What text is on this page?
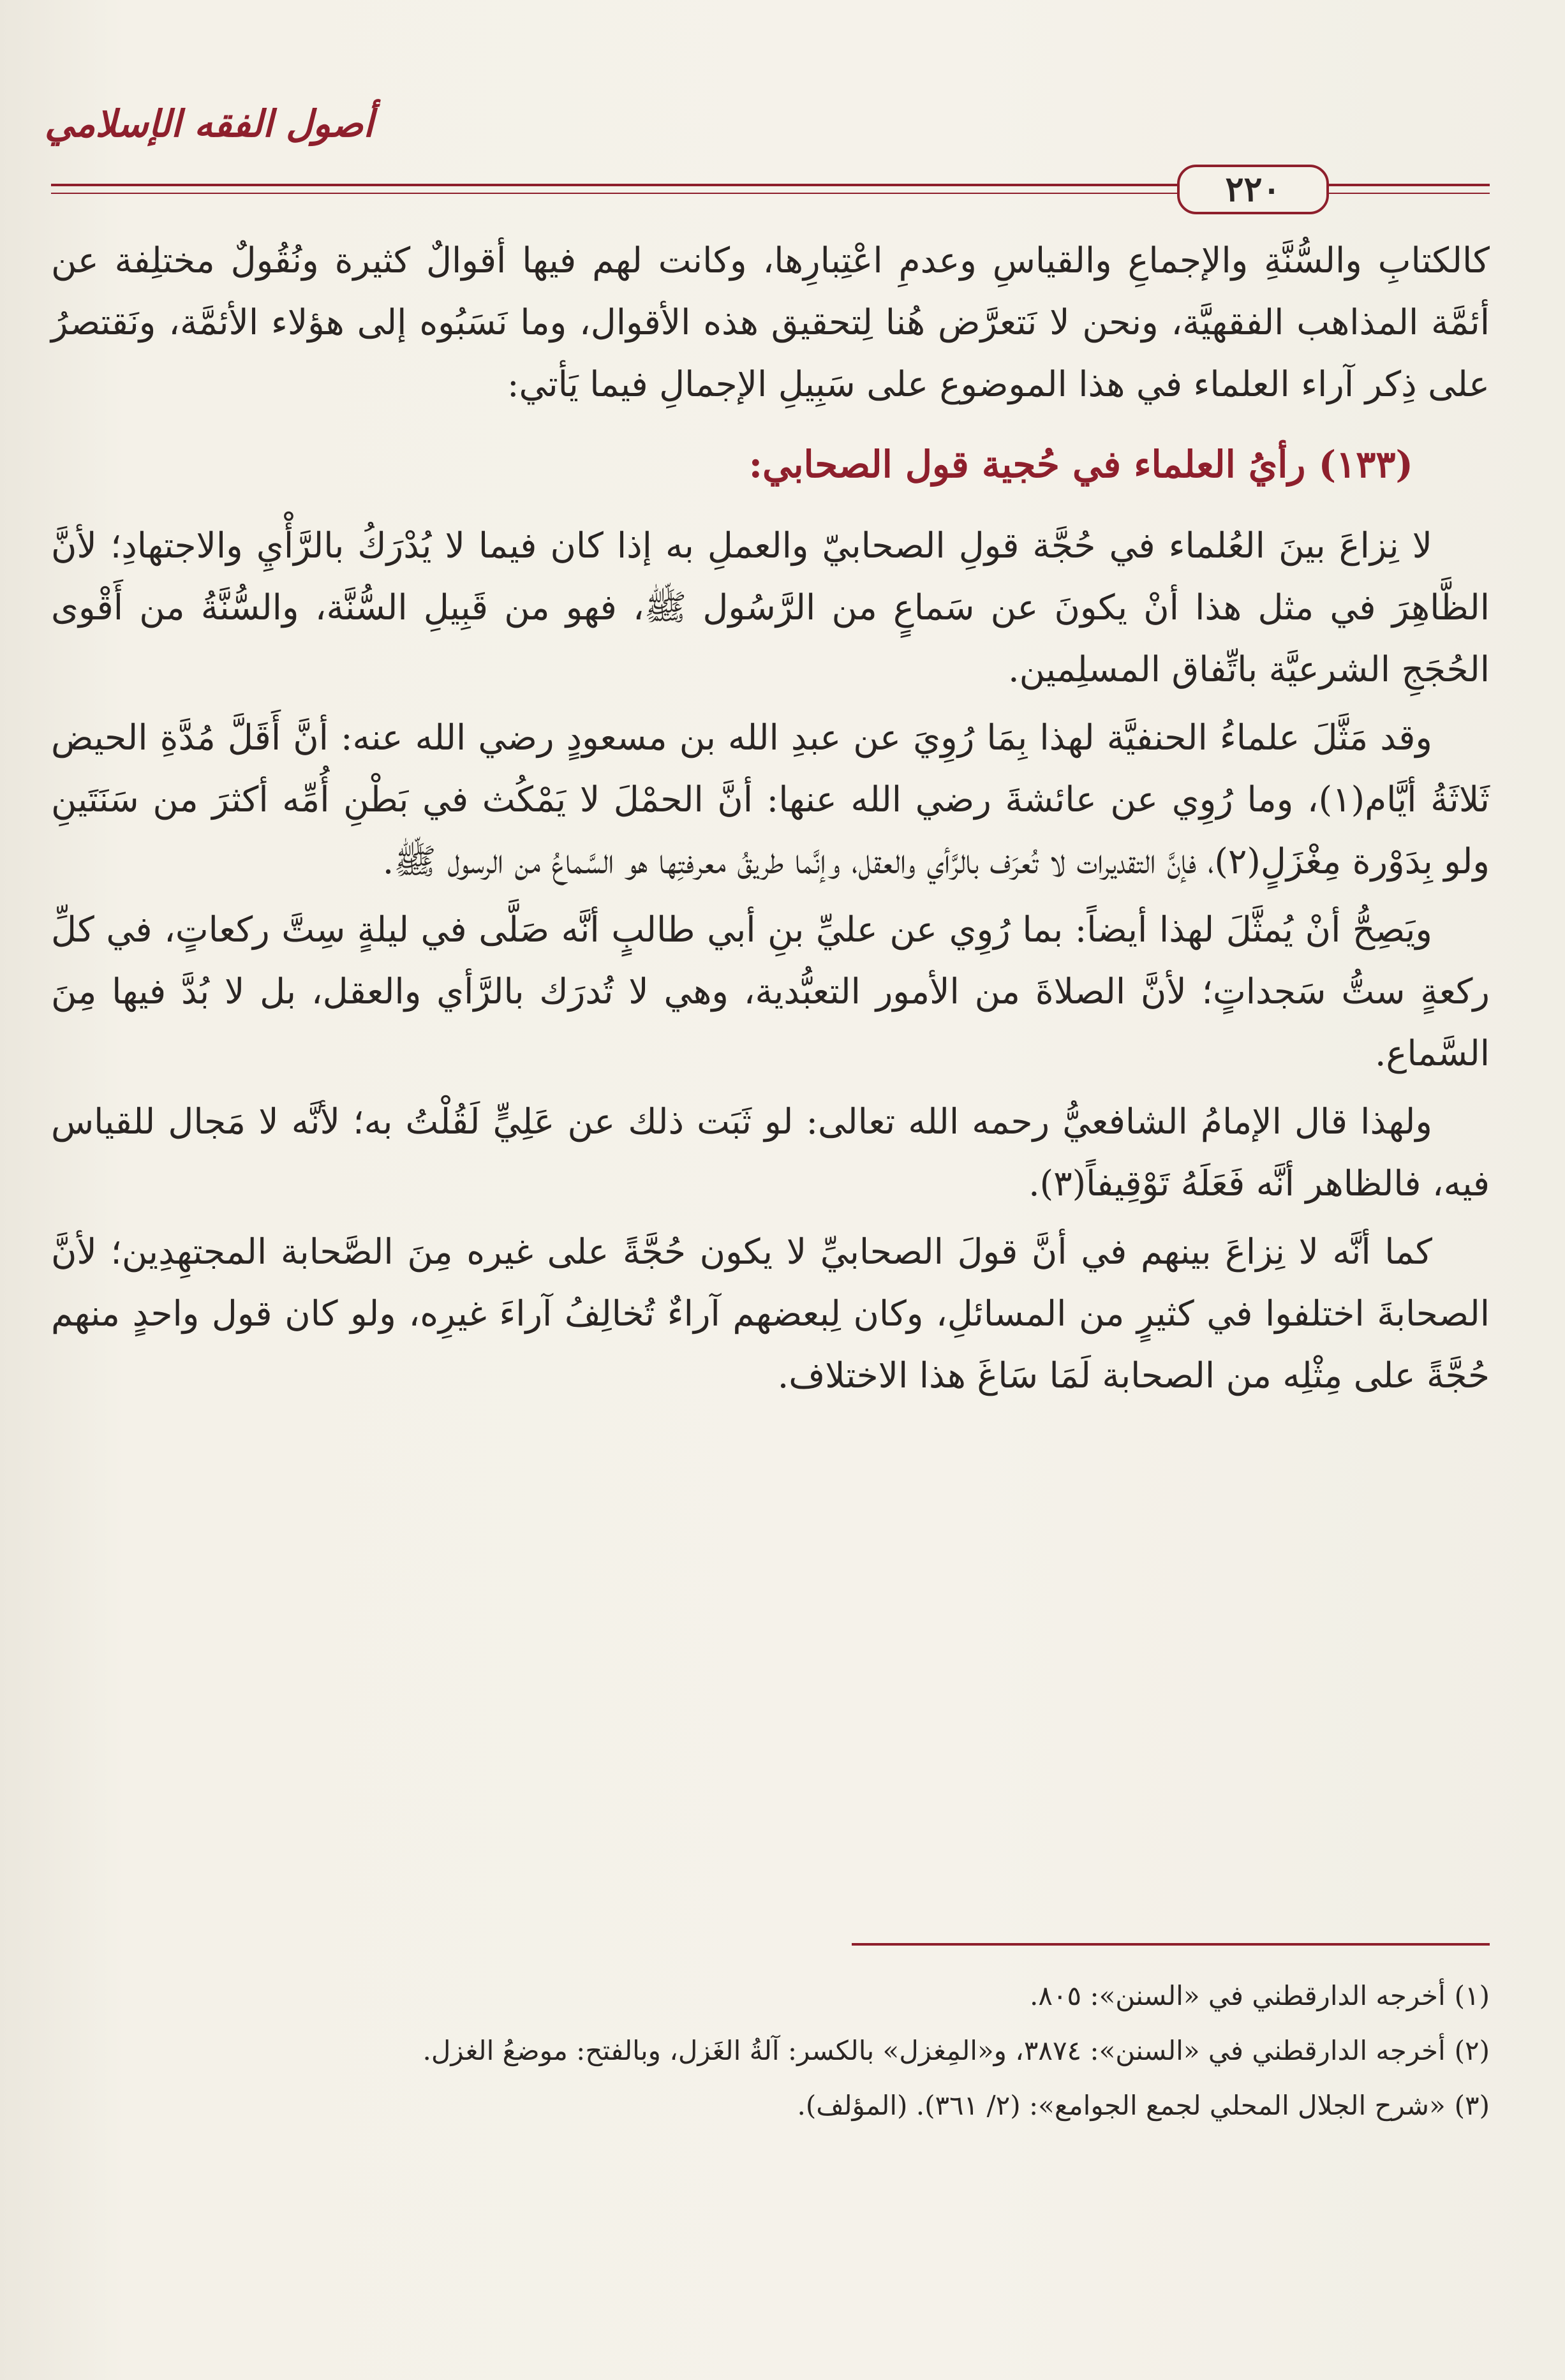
أصول الفقه الإسلامي
٢٢٠

كالكتابِ والسُّنَّةِ والإجماعِ والقياسِ وعدمِ اعْتِبارِها، وكانت لهم فيها أقوالٌ كثيرة ونُقُولٌ مختلِفة عن أئمَّة المذاهب الفقهيَّة، ونحن لا نَتعرَّض هُنا لِتحقيق هذه الأقوال، وما نَسَبُوه إلى هؤلاء الأئمَّة، ونَقتصرُ على ذِكر آراء العلماء في هذا الموضوع على سَبِيلِ الإجمالِ فيما يَأتي:

(١٣٣) رأيُ العلماء في حُجية قول الصحابي:

لا نِزاعَ بينَ العُلماء في حُجَّة قولِ الصحابيّ والعملِ به إذا كان فيما لا يُدْرَكُ بالرَّأْيِ والاجتهادِ؛ لأنَّ الظَّاهِرَ في مثل هذا أنْ يكونَ عن سَماعٍ من الرَّسُول ﷺ، فهو من قَبِيلِ السُّنَّة، والسُّنَّةُ من أَقْوى الحُجَجِ الشرعيَّة باتِّفاق المسلِمين.

وقد مَثَّلَ علماءُ الحنفيَّة لهذا بِمَا رُوِيَ عن عبدِ الله بن مسعودٍ رضي الله عنه: أنَّ أَقَلَّ مُدَّةِ الحيض ثَلاثَةُ أيَّام(١)، وما رُوِي عن عائشةَ رضي الله عنها: أنَّ الحمْلَ لا يَمْكُث في بَطْنِ أُمِّه أكثرَ من سَنَتَينِ ولو بِدَوْرة مِغْزَلٍ(٢)، فإنَّ التقديرات لا تُعرَف بالرَّأي والعقل، وإنَّما طريقُ معرفتِها هو السَّماعُ من الرسول ﷺ.

ويَصِحُّ أنْ يُمثَّلَ لهذا أيضاً: بما رُوِي عن عليِّ بنِ أبي طالبٍ أنَّه صَلَّى في ليلةٍ سِتَّ ركعاتٍ، في كلِّ ركعةٍ ستُّ سَجداتٍ؛ لأنَّ الصلاةَ من الأمور التعبُّدية، وهي لا تُدرَك بالرَّأي والعقل، بل لا بُدَّ فيها مِنَ السَّماع.

ولهذا قال الإمامُ الشافعيُّ رحمه الله تعالى: لو ثَبَت ذلك عن عَلِيٍّ لَقُلْتُ به؛ لأنَّه لا مَجال للقياس فيه، فالظاهر أنَّه فَعَلَهُ تَوْقِيفاً(٣).

كما أنَّه لا نِزاعَ بينهم في أنَّ قولَ الصحابيِّ لا يكون حُجَّةً على غيره مِنَ الصَّحابة المجتهِدِين؛ لأنَّ الصحابةَ اختلفوا في كثيرٍ من المسائلِ، وكان لِبعضهم آراءٌ تُخالِفُ آراءَ غيرِه، ولو كان قول واحدٍ منهم حُجَّةً على مِثْلِه من الصحابة لَمَا سَاغَ هذا الاختلاف.

(١)أخرجه الدارقطني في «السنن»: ٨٠٥.
(٢)أخرجه الدارقطني في «السنن»: ٣٨٧٤، و«المِغزل» بالكسر: آلةُ الغَزل، وبالفتح: موضعُ الغزل.
(٣)«شرح الجلال المحلي لجمع الجوامع»: (٢/ ٣٦١). (المؤلف).
